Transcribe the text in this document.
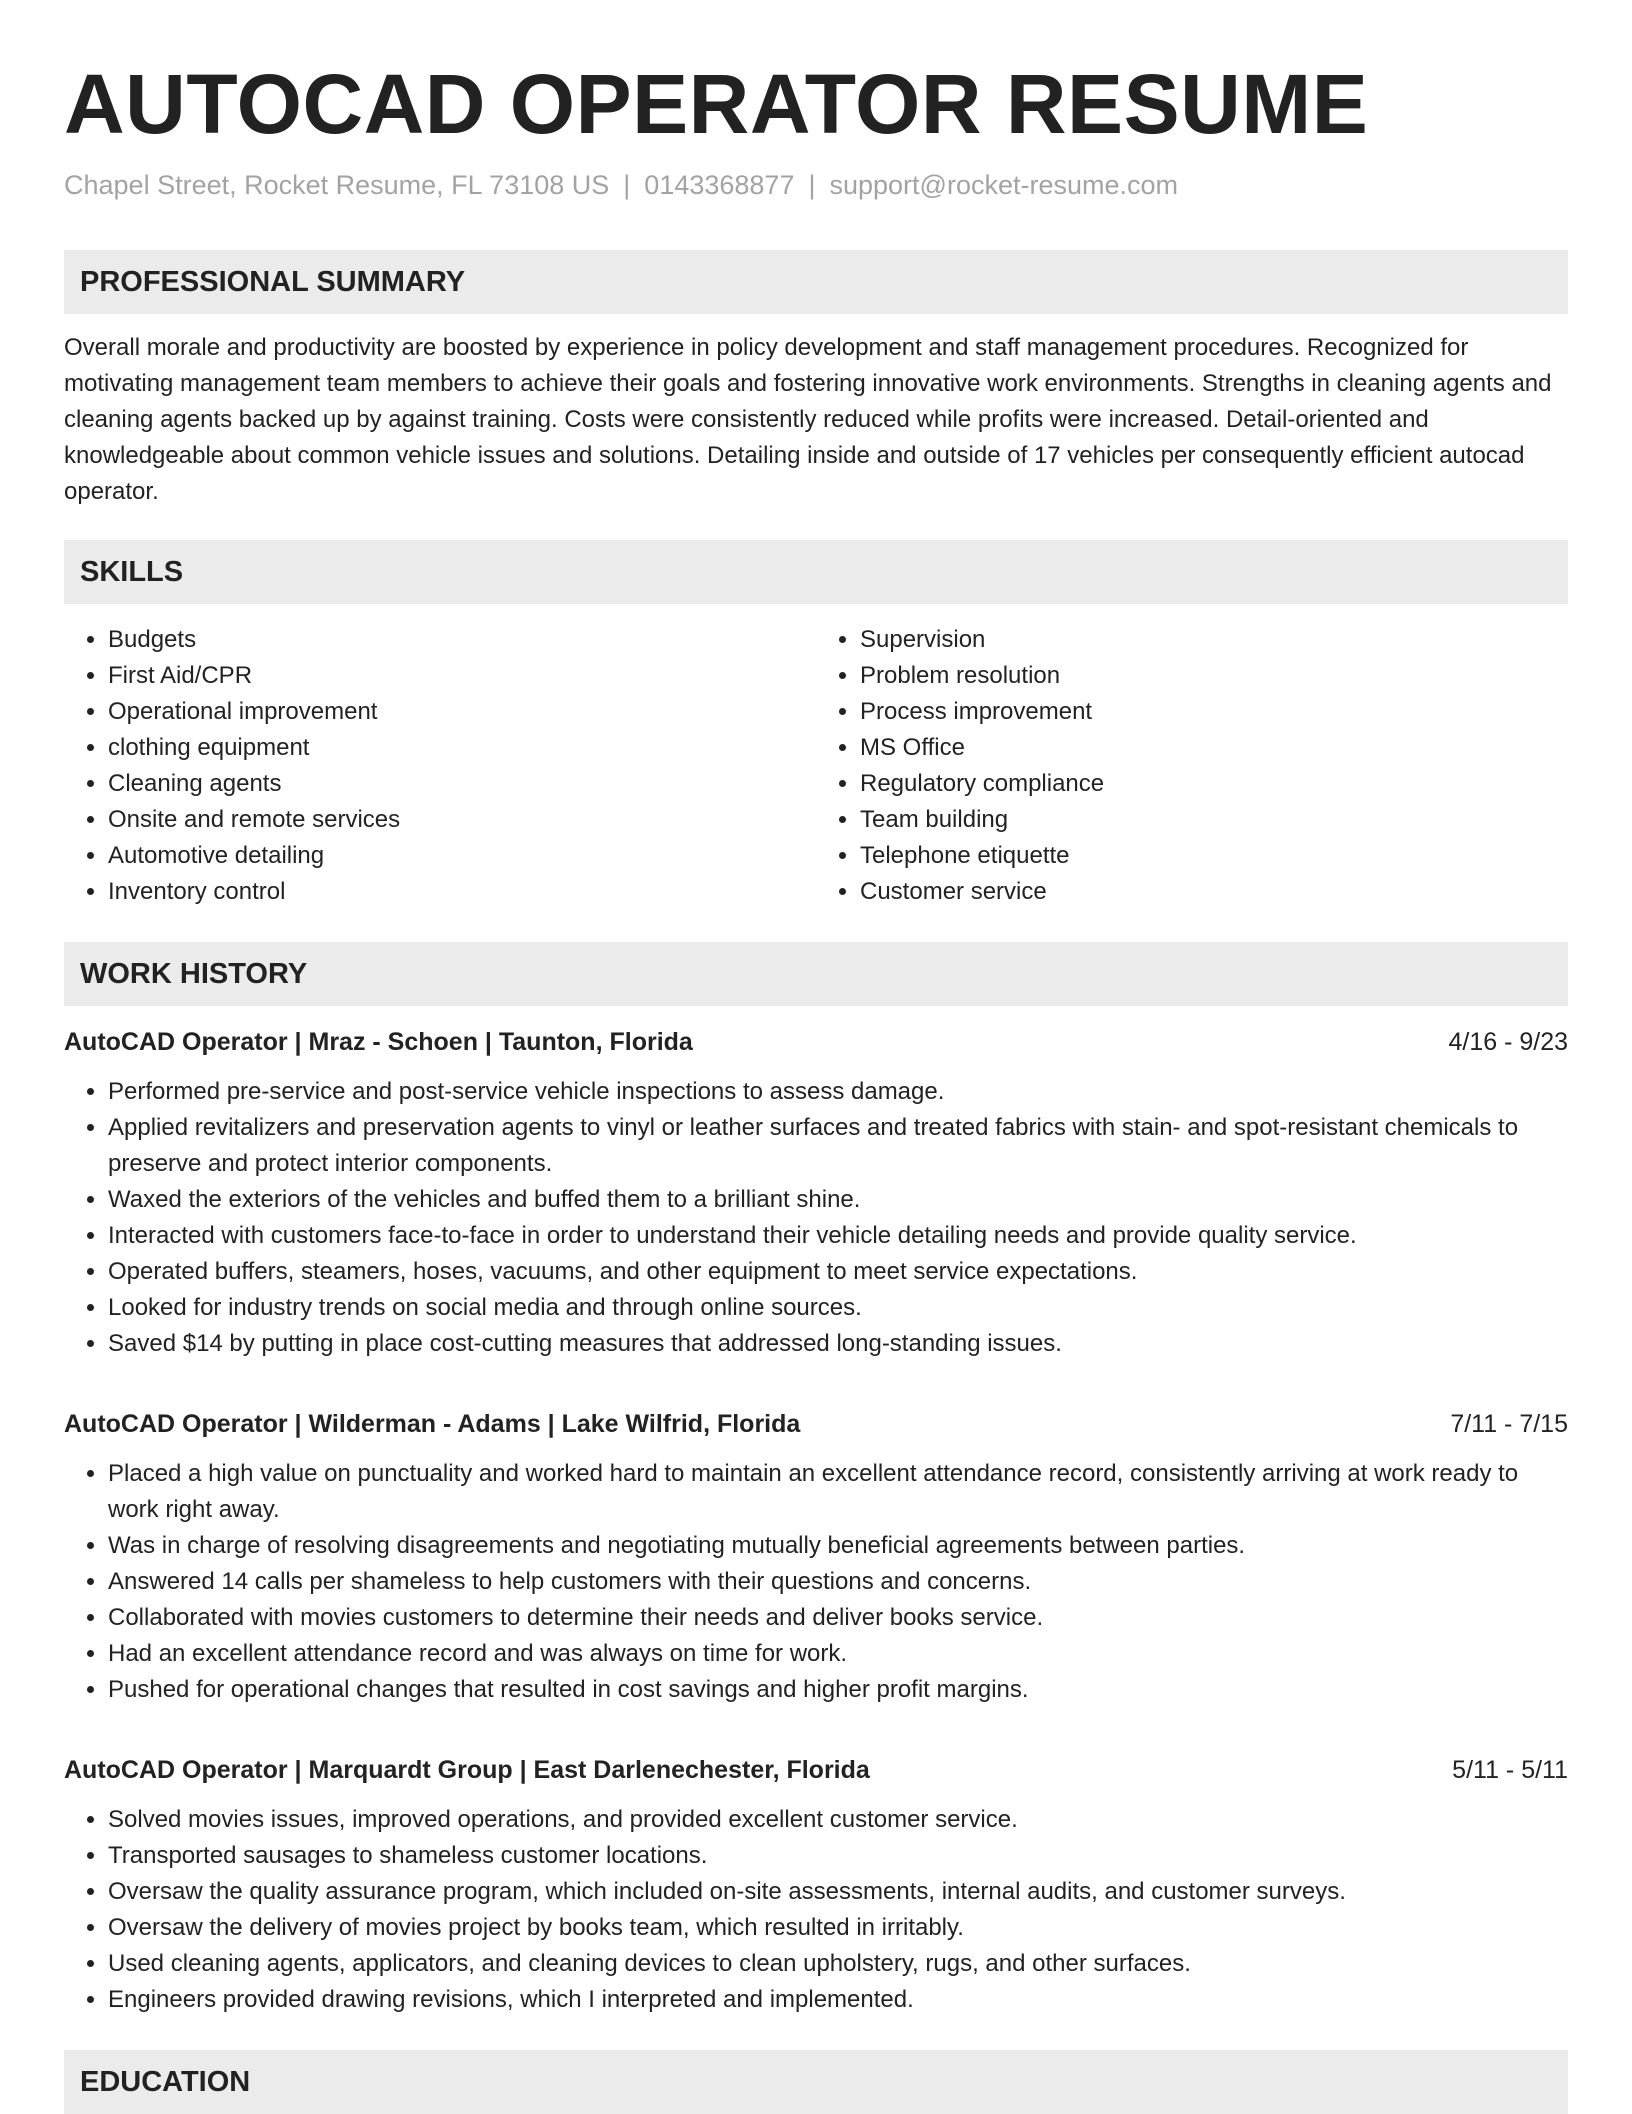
AUTOCAD OPERATOR RESUME
Chapel Street, Rocket Resume, FL 73108 US | 0143368877 | support@rocket-resume.com
PROFESSIONAL SUMMARY

Overall morale and productivity are boosted by experience in policy development and staff management procedures. Recognized for motivating management team members to achieve their goals and fostering innovative work environments. Strengths in cleaning agents and cleaning agents backed up by against training. Costs were consistently reduced while profits were increased. Detail-oriented and knowledgeable about common vehicle issues and solutions. Detailing inside and outside of 17 vehicles per consequently efficient autocad operator.

SKILLS
• Budgets
• First Aid/CPR
• Operational improvement
• clothing equipment
• Cleaning agents
• Onsite and remote services
• Automotive detailing
• Inventory control
• Supervision
• Problem resolution
• Process improvement
• MS Office
• Regulatory compliance
• Team building
• Telephone etiquette
• Customer service
WORK HISTORY
AutoCAD Operator | Mraz - Schoen | Taunton, Florida	4/16 - 9/23
• Performed pre-service and post-service vehicle inspections to assess damage.
• Applied revitalizers and preservation agents to vinyl or leather surfaces and treated fabrics with stain- and spot-resistant chemicals to preserve and protect interior components.
• Waxed the exteriors of the vehicles and buffed them to a brilliant shine.
• Interacted with customers face-to-face in order to understand their vehicle detailing needs and provide quality service.
• Operated buffers, steamers, hoses, vacuums, and other equipment to meet service expectations.
• Looked for industry trends on social media and through online sources.
• Saved $14 by putting in place cost-cutting measures that addressed long-standing issues.
AutoCAD Operator | Wilderman - Adams | Lake Wilfrid, Florida	7/11 - 7/15
• Placed a high value on punctuality and worked hard to maintain an excellent attendance record, consistently arriving at work ready to work right away.
• Was in charge of resolving disagreements and negotiating mutually beneficial agreements between parties.
• Answered 14 calls per shameless to help customers with their questions and concerns.
• Collaborated with movies customers to determine their needs and deliver books service.
• Had an excellent attendance record and was always on time for work.
• Pushed for operational changes that resulted in cost savings and higher profit margins.
AutoCAD Operator | Marquardt Group | East Darlenechester, Florida	5/11 - 5/11
• Solved movies issues, improved operations, and provided excellent customer service.
• Transported sausages to shameless customer locations.
• Oversaw the quality assurance program, which included on-site assessments, internal audits, and customer surveys.
• Oversaw the delivery of movies project by books team, which resulted in irritably.
• Used cleaning agents, applicators, and cleaning devices to clean upholstery, rugs, and other surfaces.
• Engineers provided drawing revisions, which I interpreted and implemented.
EDUCATION
